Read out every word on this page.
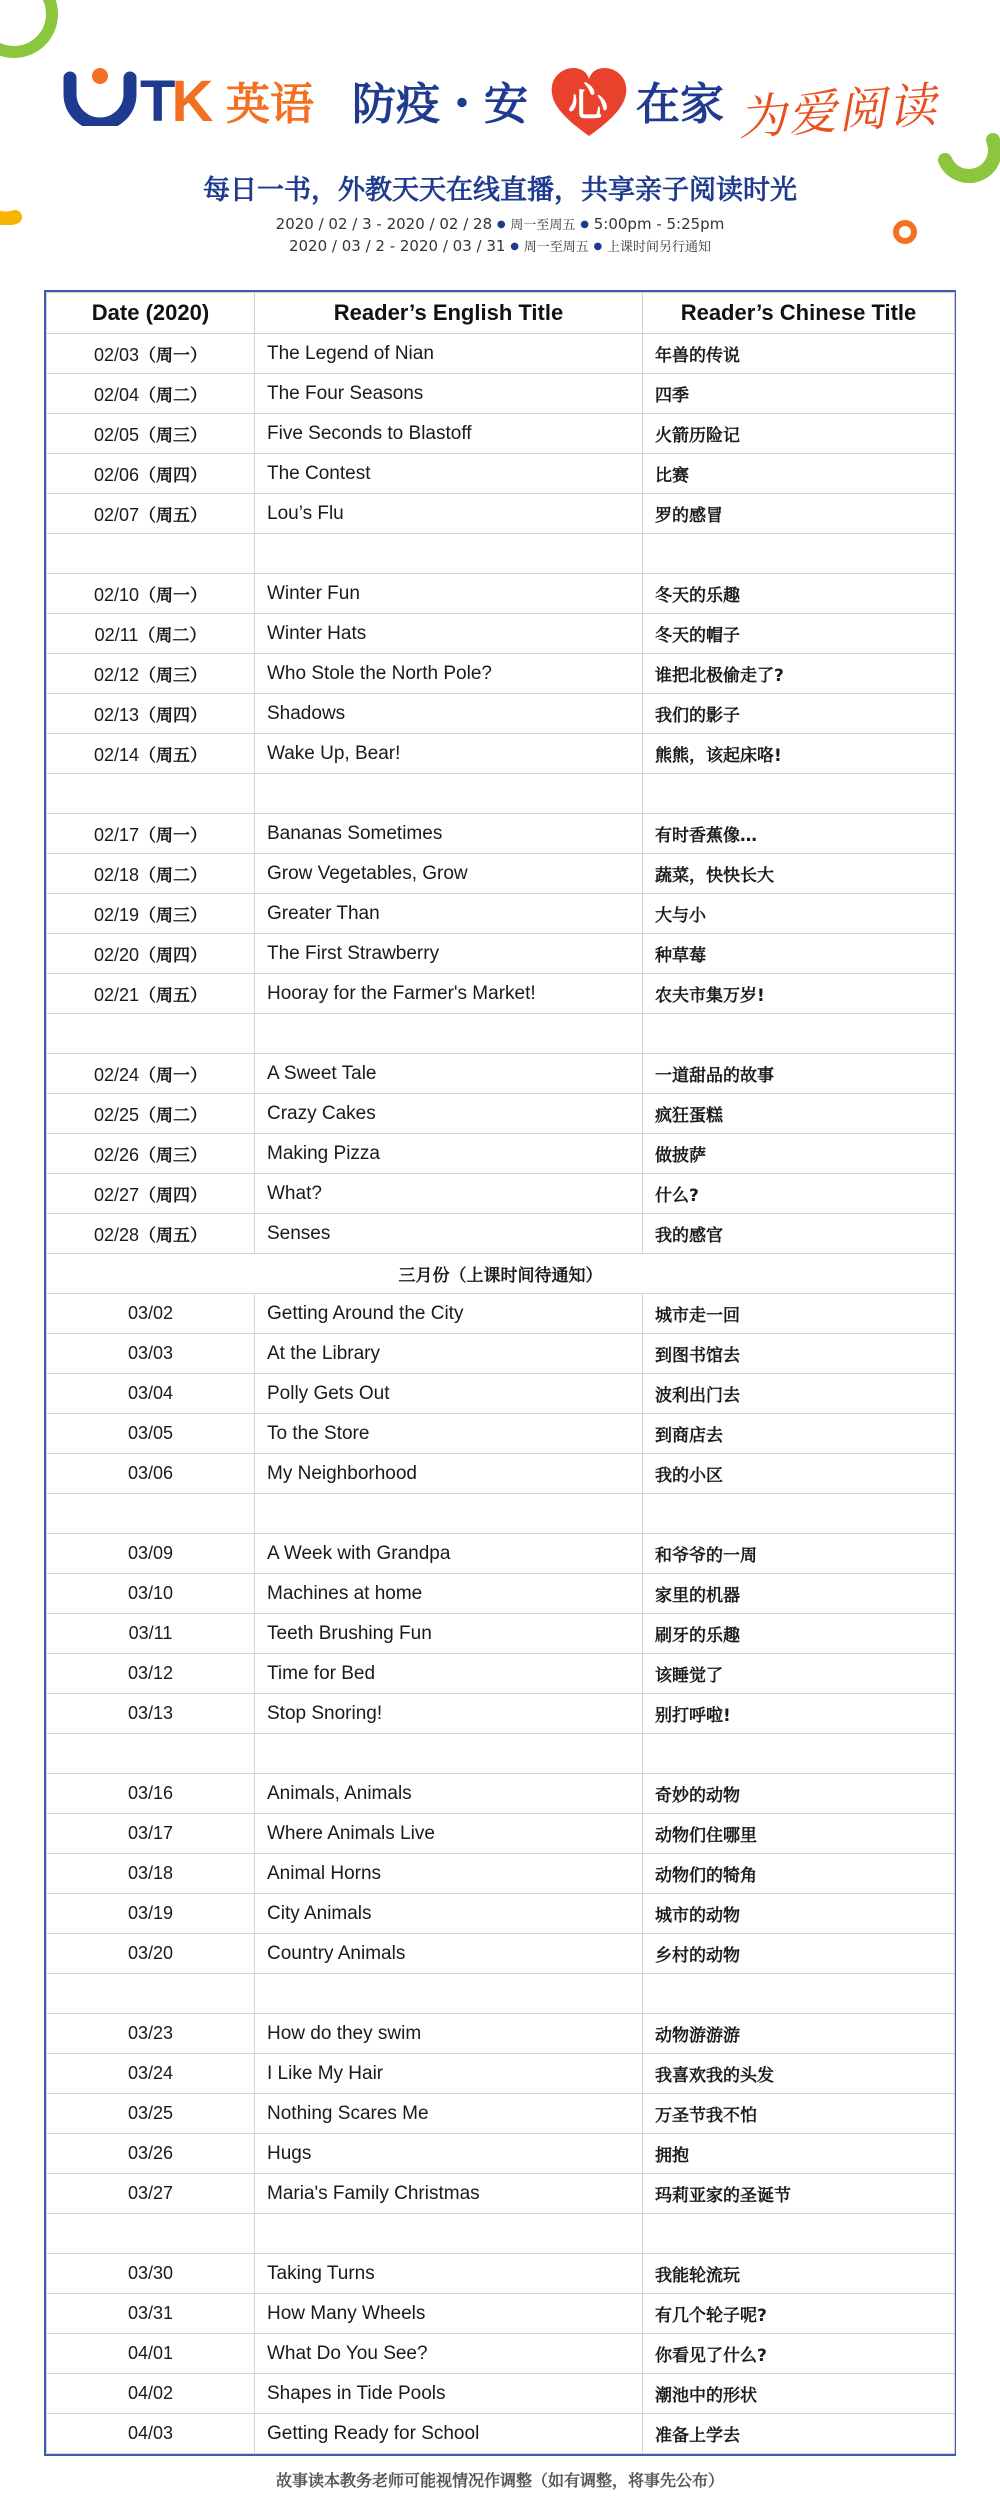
TK 英语 防疫・安 心 在家 为爱阅读
每日一书，外教天天在线直播，共享亲子阅读时光
2020 / 02 / 3 - 2020 / 02 / 28 ● 周一至周五 ● 5:00pm - 5:25pm
2020 / 03 / 2 - 2020 / 03 / 31 ● 周一至周五 ● 上课时间另行通知
Date (2020)	Reader’s English Title	Reader’s Chinese Title
02/03（周一）	The Legend of Nian	年兽的传说
02/04（周二）	The Four Seasons	四季
02/05（周三）	Five Seconds to Blastoff	火箭历险记
02/06（周四）	The Contest	比赛
02/07（周五）	Lou’s Flu	罗的感冒

02/10（周一）	Winter Fun	冬天的乐趣
02/11（周二）	Winter Hats	冬天的帽子
02/12（周三）	Who Stole the North Pole?	谁把北极偷走了?
02/13（周四）	Shadows	我们的影子
02/14（周五）	Wake Up, Bear!	熊熊，该起床咯!

02/17（周一）	Bananas Sometimes	有时香蕉像…
02/18（周二）	Grow Vegetables, Grow	蔬菜，快快长大
02/19（周三）	Greater Than	大与小
02/20（周四）	The First Strawberry	种草莓
02/21（周五）	Hooray for the Farmer's Market!	农夫市集万岁!

02/24（周一）	A Sweet Tale	一道甜品的故事
02/25（周二）	Crazy Cakes	疯狂蛋糕
02/26（周三）	Making Pizza	做披萨
02/27（周四）	What?	什么?
02/28（周五）	Senses	我的感官
三月份（上课时间待通知）		
03/02	Getting Around the City	城市走一回
03/03	At the Library	到图书馆去
03/04	Polly Gets Out	波利出门去
03/05	To the Store	到商店去
03/06	My Neighborhood	我的小区

03/09	A Week with Grandpa	和爷爷的一周
03/10	Machines at home	家里的机器
03/11	Teeth Brushing Fun	刷牙的乐趣
03/12	Time for Bed	该睡觉了
03/13	Stop Snoring!	别打呼啦!

03/16	Animals, Animals	奇妙的动物
03/17	Where Animals Live	动物们住哪里
03/18	Animal Horns	动物们的犄角
03/19	City Animals	城市的动物
03/20	Country Animals	乡村的动物

03/23	How do they swim	动物游游游
03/24	I Like My Hair	我喜欢我的头发
03/25	Nothing Scares Me	万圣节我不怕
03/26	Hugs	拥抱
03/27	Maria's Family Christmas	玛莉亚家的圣诞节

03/30	Taking Turns	我能轮流玩
03/31	How Many Wheels	有几个轮子呢?
04/01	What Do You See?	你看见了什么?
04/02	Shapes in Tide Pools	潮池中的形状
04/03	Getting Ready for School	准备上学去
故事读本教务老师可能视情况作调整（如有调整，将事先公布）
